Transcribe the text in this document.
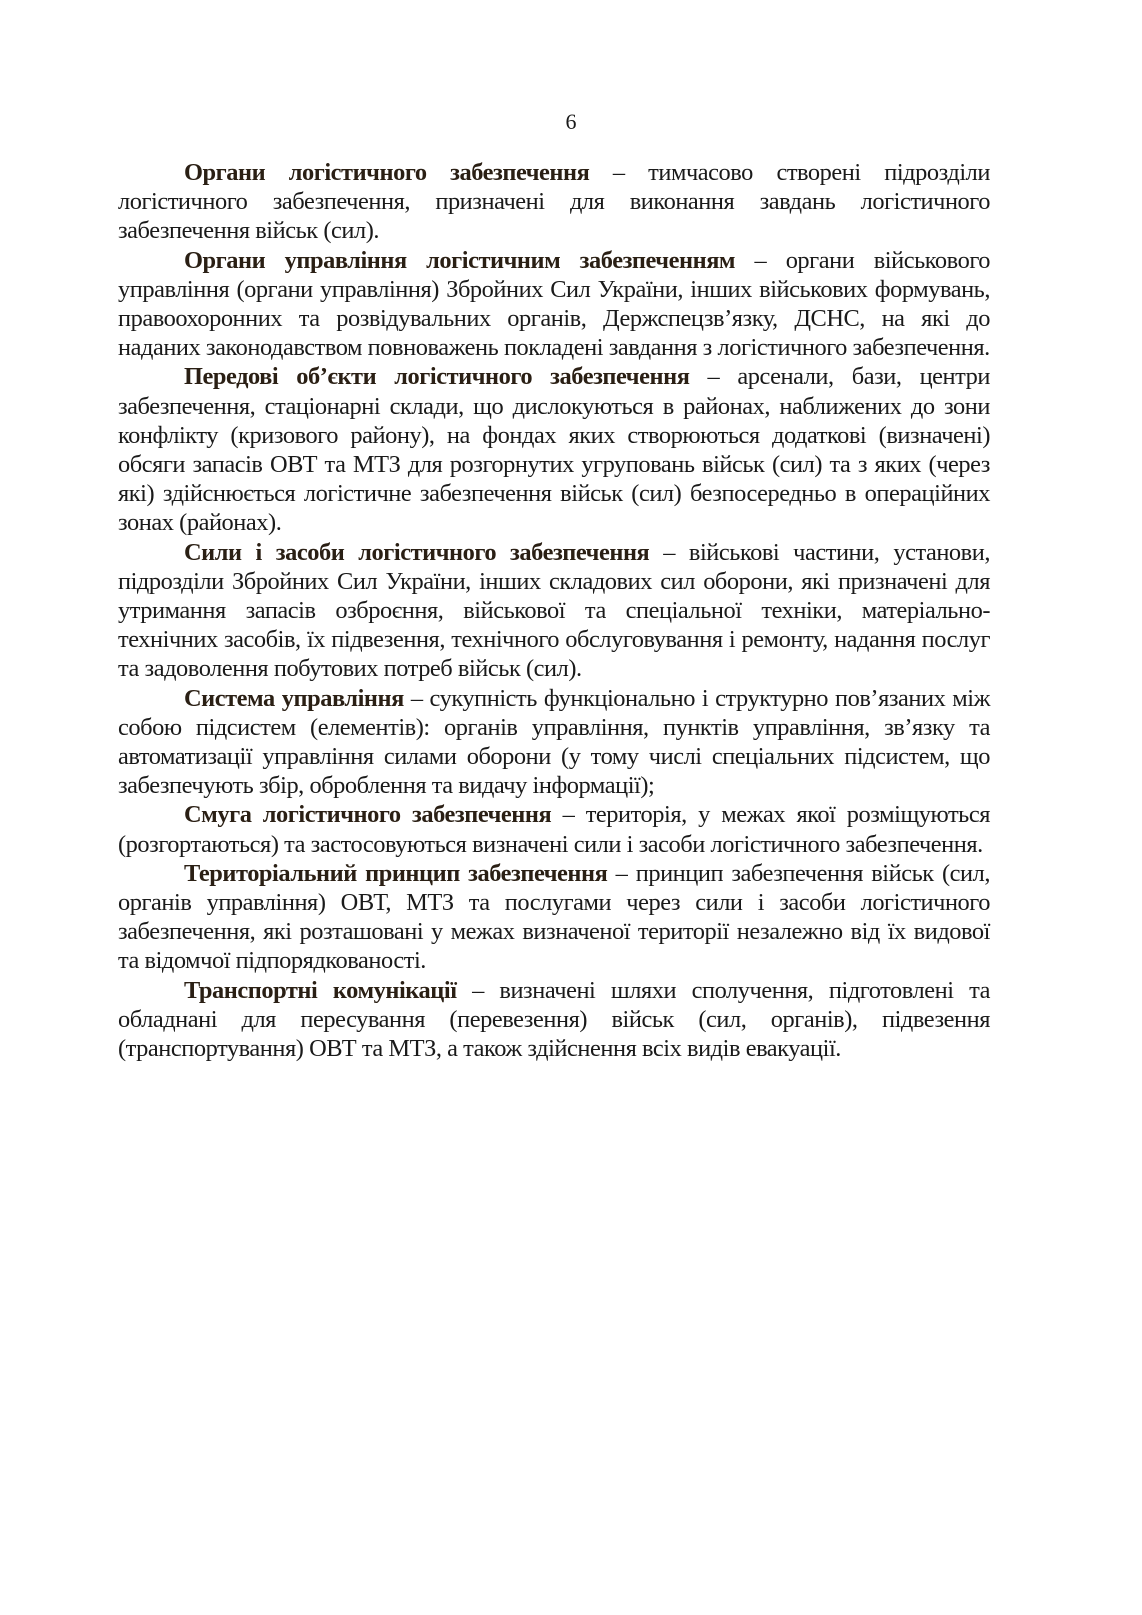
6

Органи логістичного забезпечення – тимчасово створені підрозділи логістичного забезпечення, призначені для виконання завдань логістичного забезпечення військ (сил).

Органи управління логістичним забезпеченням – органи військового управління (органи управління) Збройних Сил України, інших військових формувань, правоохоронних та розвідувальних органів, Держспецзв’язку, ДСНС, на які до наданих законодавством повноважень покладені завдання з логістичного забезпечення.

Передові об’єкти логістичного забезпечення – арсенали, бази, центри забезпечення, стаціонарні склади, що дислокуються в районах, наближених до зони конфлікту (кризового району), на фондах яких створюються додаткові (визначені) обсяги запасів ОВТ та МТЗ для розгорнутих угруповань військ (сил) та з яких (через які) здійснюється логістичне забезпечення військ (сил) безпосередньо в операційних зонах (районах).

Сили і засоби логістичного забезпечення – військові частини, установи, підрозділи Збройних Сил України, інших складових сил оборони, які призначені для утримання запасів озброєння, військової та спеціальної техніки, матеріально-технічних засобів, їх підвезення, технічного обслуговування і ремонту, надання послуг та задоволення побутових потреб військ (сил).

Система управління – сукупність функціонально і структурно пов’язаних між собою підсистем (елементів): органів управління, пунктів управління, зв’язку та автоматизації управління силами оборони (у тому числі спеціальних підсистем, що забезпечують збір, оброблення та видачу інформації);

Смуга логістичного забезпечення – територія, у межах якої розміщуються (розгортаються) та застосовуються визначені сили і засоби логістичного забезпечення.

Територіальний принцип забезпечення – принцип забезпечення військ (сил, органів управління) ОВТ, МТЗ та послугами через сили і засоби логістичного забезпечення, які розташовані у межах визначеної території незалежно від їх видової та відомчої підпорядкованості.

Транспортні комунікації – визначені шляхи сполучення, підготовлені та обладнані для пересування (перевезення) військ (сил, органів), підвезення (транспортування) ОВТ та МТЗ, а також здійснення всіх видів евакуації.
